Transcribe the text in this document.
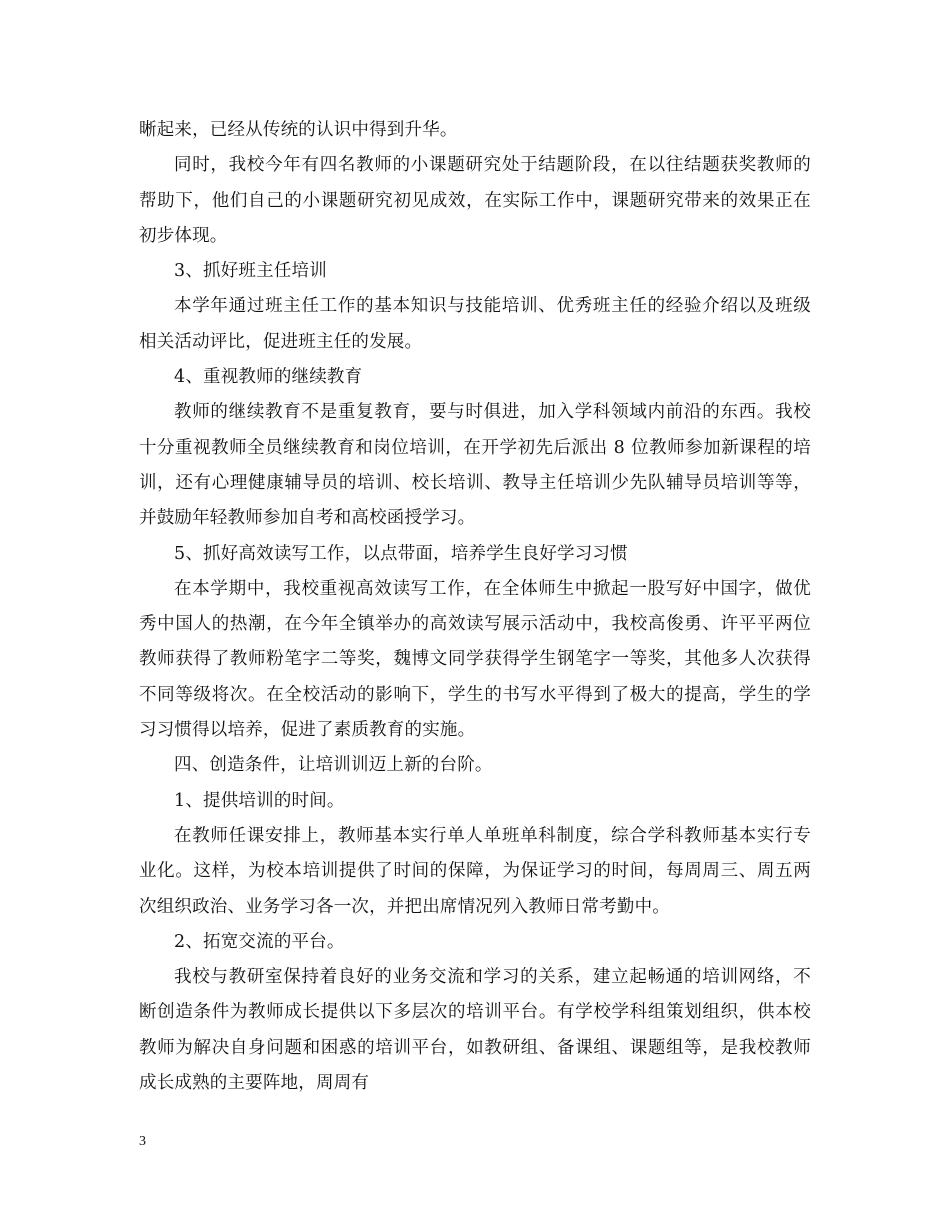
晰起来，已经从传统的认识中得到升华。

同时，我校今年有四名教师的小课题研究处于结题阶段，在以往结题获奖教师的帮助下，他们自己的小课题研究初见成效，在实际工作中，课题研究带来的效果正在初步体现。

3、抓好班主任培训

本学年通过班主任工作的基本知识与技能培训、优秀班主任的经验介绍以及班级相关活动评比，促进班主任的发展。

4、重视教师的继续教育

教师的继续教育不是重复教育，要与时俱进，加入学科领域内前沿的东西。我校十分重视教师全员继续教育和岗位培训，在开学初先后派出 8 位教师参加新课程的培训，还有心理健康辅导员的培训、校长培训、教导主任培训少先队辅导员培训等等，并鼓励年轻教师参加自考和高校函授学习。

5、抓好高效读写工作，以点带面，培养学生良好学习习惯

在本学期中，我校重视高效读写工作，在全体师生中掀起一股写好中国字，做优秀中国人的热潮，在今年全镇举办的高效读写展示活动中，我校高俊勇、许平平两位教师获得了教师粉笔字二等奖，魏博文同学获得学生钢笔字一等奖，其他多人次获得不同等级将次。在全校活动的影响下，学生的书写水平得到了极大的提高，学生的学习习惯得以培养，促进了素质教育的实施。

四、创造条件，让培训训迈上新的台阶。

1、提供培训的时间。

在教师任课安排上，教师基本实行单人单班单科制度，综合学科教师基本实行专业化。这样，为校本培训提供了时间的保障，为保证学习的时间，每周周三、周五两次组织政治、业务学习各一次，并把出席情况列入教师日常考勤中。

2、拓宽交流的平台。

我校与教研室保持着良好的业务交流和学习的关系，建立起畅通的培训网络，不断创造条件为教师成长提供以下多层次的培训平台。有学校学科组策划组织，供本校教师为解决自身问题和困惑的培训平台，如教研组、备课组、课题组等，是我校教师成长成熟的主要阵地，周周有

3
